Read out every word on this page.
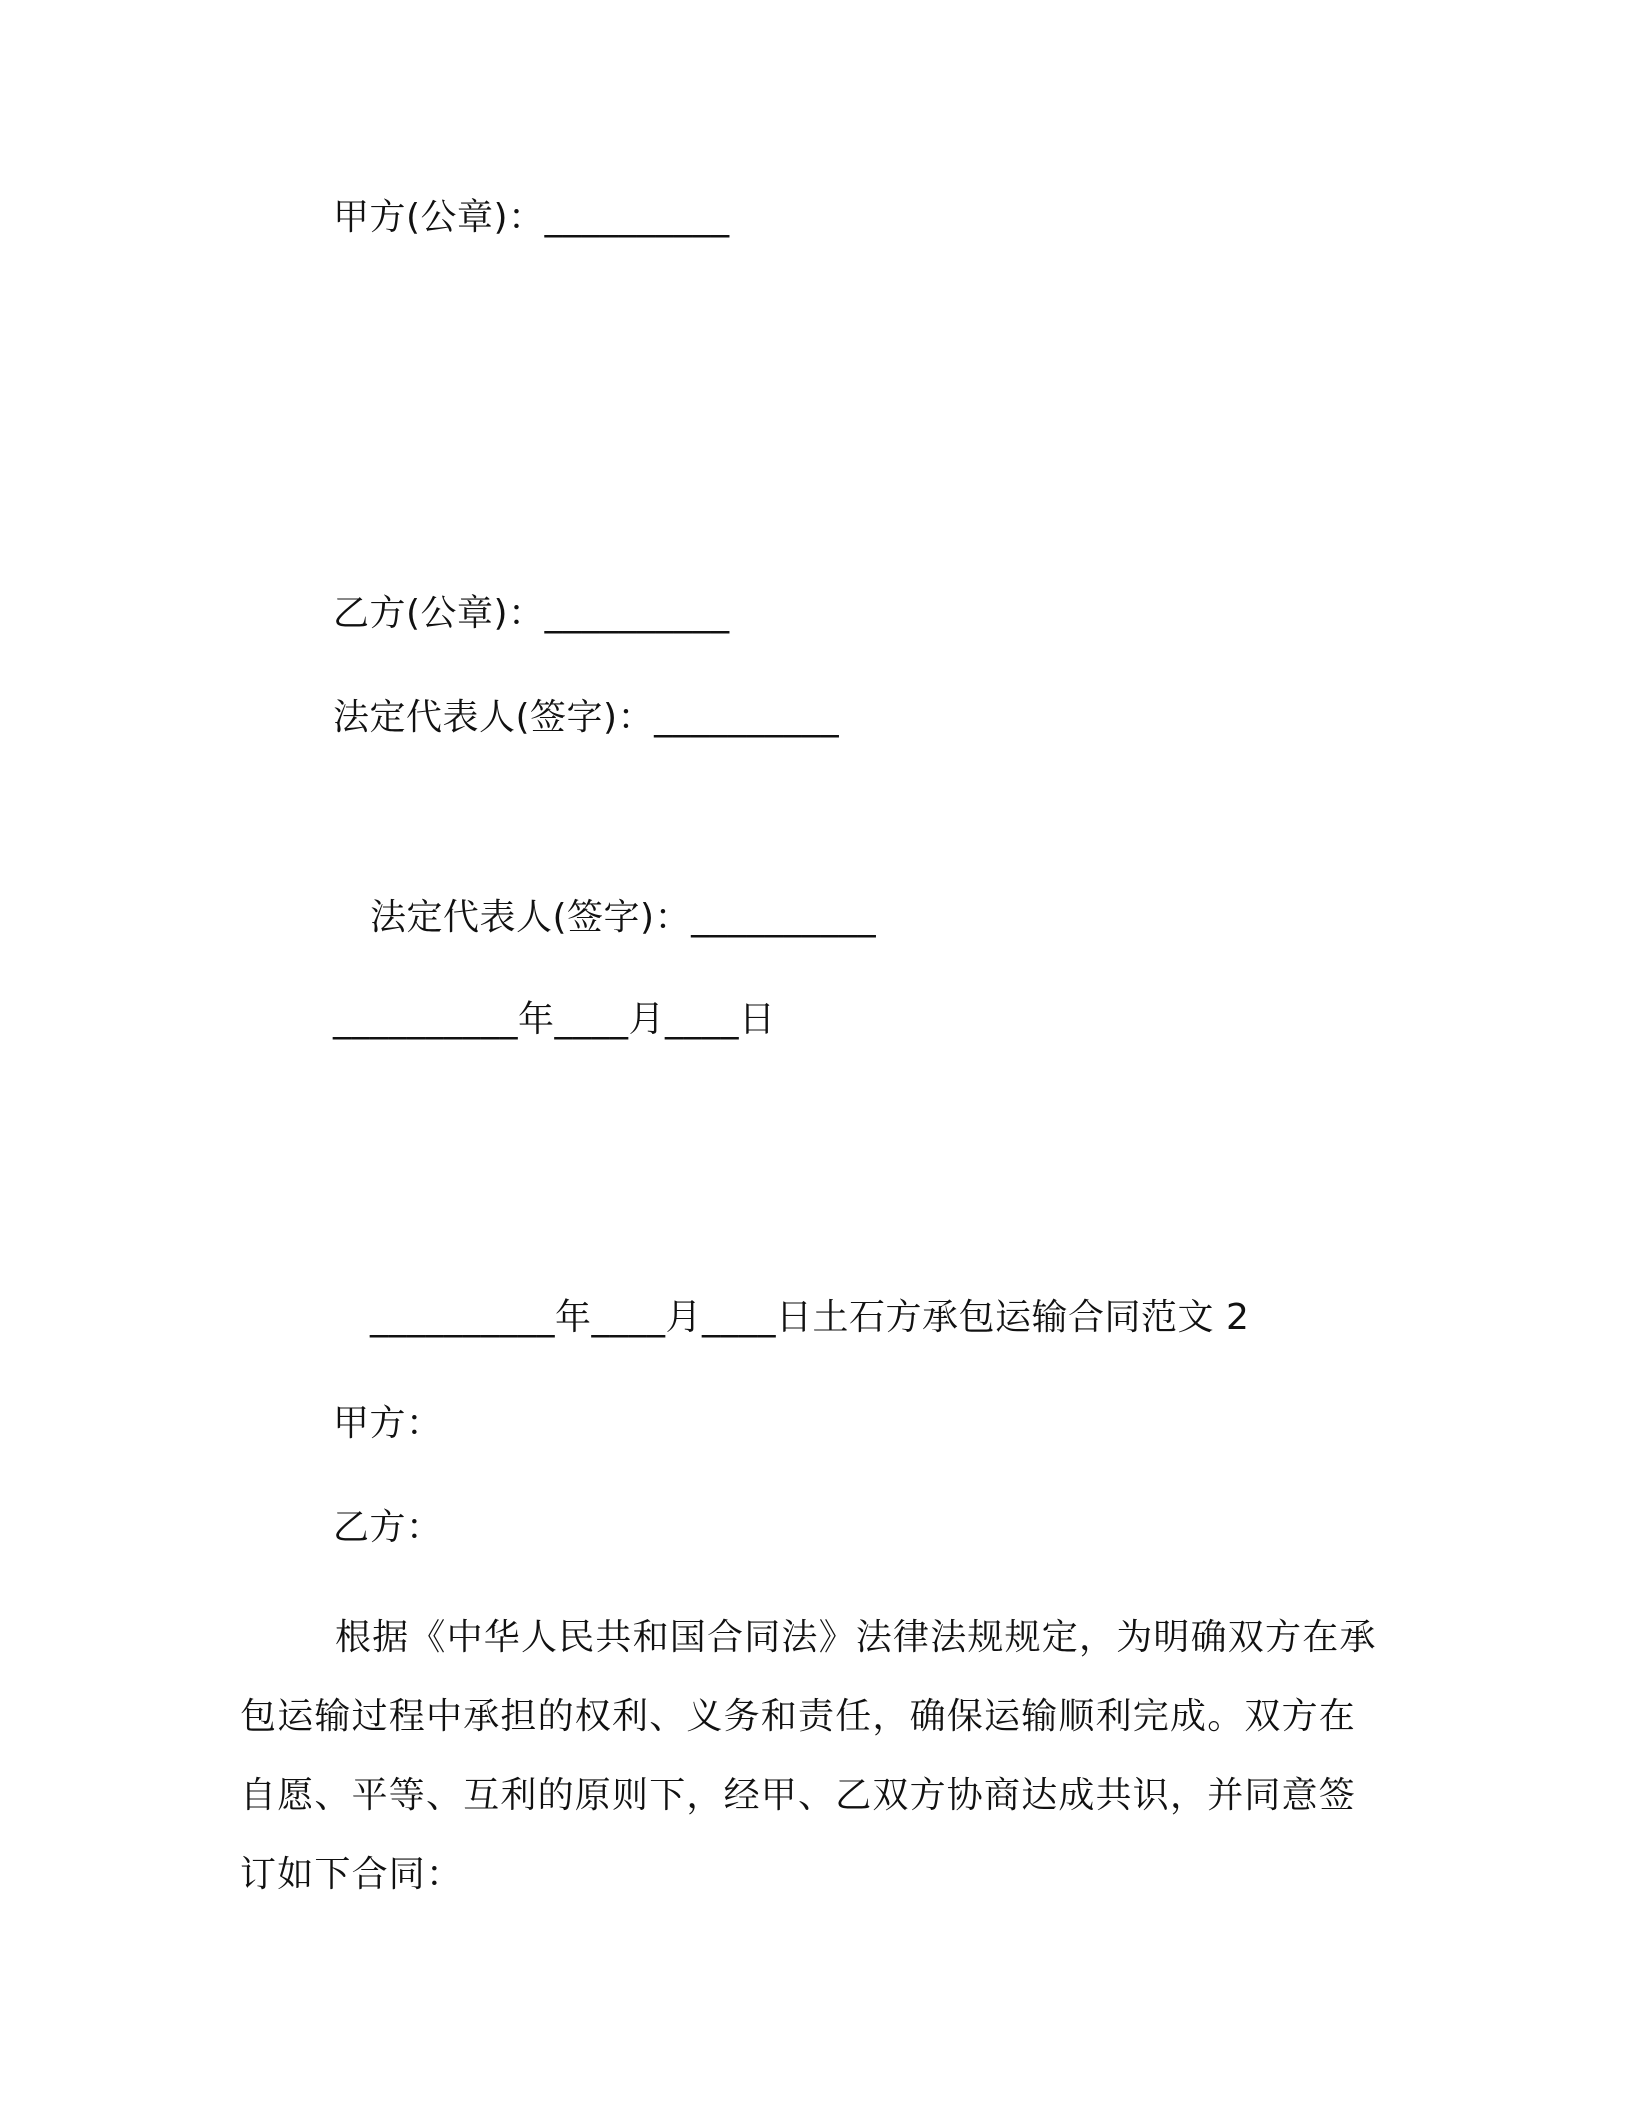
甲方(公章)：__________
乙方(公章)：__________
法定代表人(签字)：__________
法定代表人(签字)：__________
__________年____月____日
__________年____月____日土石方承包运输合同范文 2
甲方：
乙方：

根据《中华人民共和国合同法》法律法规规定，为明确双方在承包运输过程中承担的权利、义务和责任，确保运输顺利完成。双方在自愿、平等、互利的原则下，经甲、乙双方协商达成共识，并同意签订如下合同：
